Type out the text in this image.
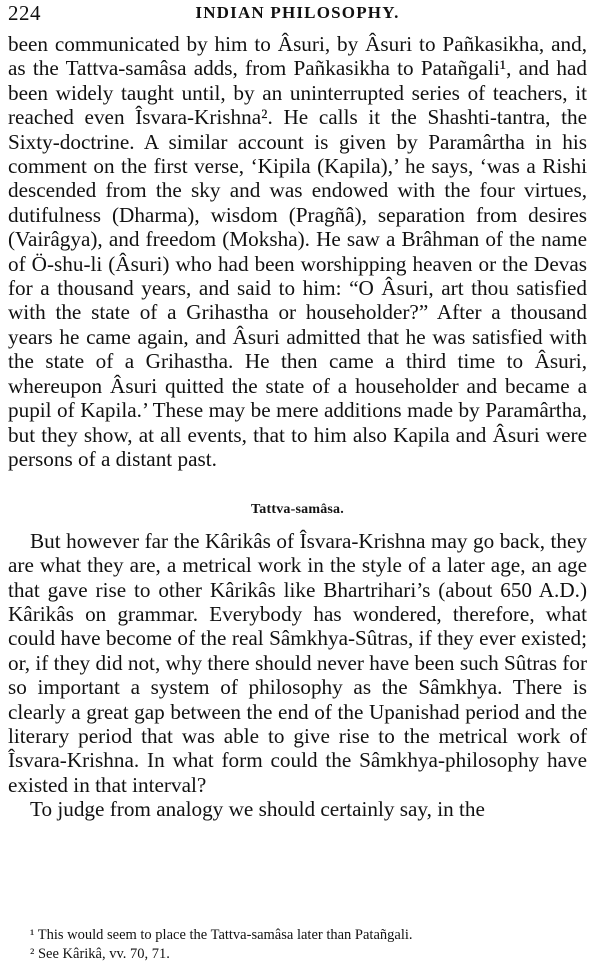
224	INDIAN PHILOSOPHY.

been communicated by him to Âsuri, by Âsuri to Pañkasikha, and, as the Tattva-samâsa adds, from Pañkasikha to Patañgali¹, and had been widely taught until, by an uninterrupted series of teachers, it reached even Îsvara-Krishna². He calls it the Shashti-tantra, the Sixty-doctrine. A similar account is given by Paramârtha in his comment on the first verse, ‘Kipila (Kapila),’ he says, ‘was a Rishi descended from the sky and was endowed with the four virtues, dutifulness (Dharma), wisdom (Pragñâ), separation from desires (Vairâgya), and freedom (Moksha). He saw a Brâhman of the name of Ö-shu-li (Âsuri) who had been worshipping heaven or the Devas for a thousand years, and said to him: “O Âsuri, art thou satisfied with the state of a Grihastha or householder?” After a thousand years he came again, and Âsuri admitted that he was satisfied with the state of a Grihastha. He then came a third time to Âsuri, whereupon Âsuri quitted the state of a householder and became a pupil of Kapila.’ These may be mere additions made by Paramârtha, but they show, at all events, that to him also Kapila and Âsuri were persons of a distant past.

Tattva-samâsa.

But however far the Kârikâs of Îsvara-Krishna may go back, they are what they are, a metrical work in the style of a later age, an age that gave rise to other Kârikâs like Bhartrihari’s (about 650 A.D.) Kârikâs on grammar. Everybody has wondered, therefore, what could have become of the real Sâmkhya-Sûtras, if they ever existed; or, if they did not, why there should never have been such Sûtras for so important a system of philosophy as the Sâmkhya. There is clearly a great gap between the end of the Upanishad period and the literary period that was able to give rise to the metrical work of Îsvara-Krishna. In what form could the Sâmkhya-philosophy have existed in that interval?

To judge from analogy we should certainly say, in the

¹ This would seem to place the Tattva-samâsa later than Patañgali.

² See Kârikâ, vv. 70, 71.
